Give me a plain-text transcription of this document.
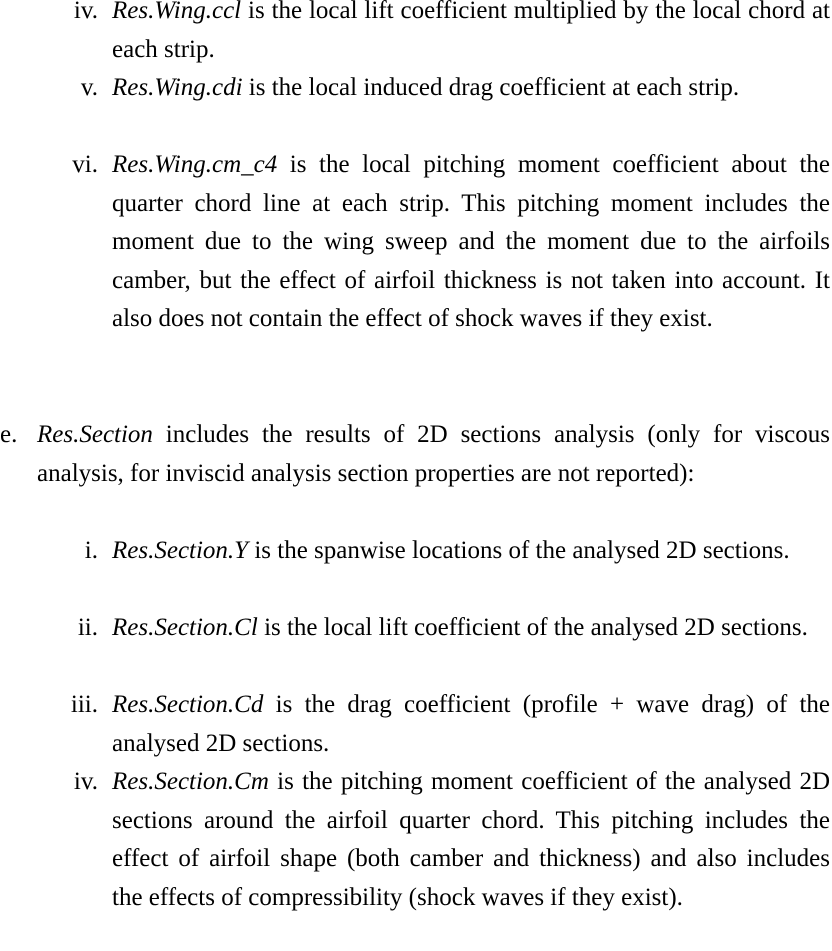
iv. Res.Wing.ccl is the local lift coefficient multiplied by the local chord at each strip.
v. Res.Wing.cdi is the local induced drag coefficient at each strip.
vi. Res.Wing.cm_c4 is the local pitching moment coefficient about the quarter chord line at each strip. This pitching moment includes the moment due to the wing sweep and the moment due to the airfoils camber, but the effect of airfoil thickness is not taken into account. It also does not contain the effect of shock waves if they exist.
e. Res.Section includes the results of 2D sections analysis (only for viscous analysis, for inviscid analysis section properties are not reported):
i. Res.Section.Y is the spanwise locations of the analysed 2D sections.
ii. Res.Section.Cl is the local lift coefficient of the analysed 2D sections.
iii. Res.Section.Cd is the drag coefficient (profile + wave drag) of the analysed 2D sections.
iv. Res.Section.Cm is the pitching moment coefficient of the analysed 2D sections around the airfoil quarter chord. This pitching includes the effect of airfoil shape (both camber and thickness) and also includes the effects of compressibility (shock waves if they exist).
